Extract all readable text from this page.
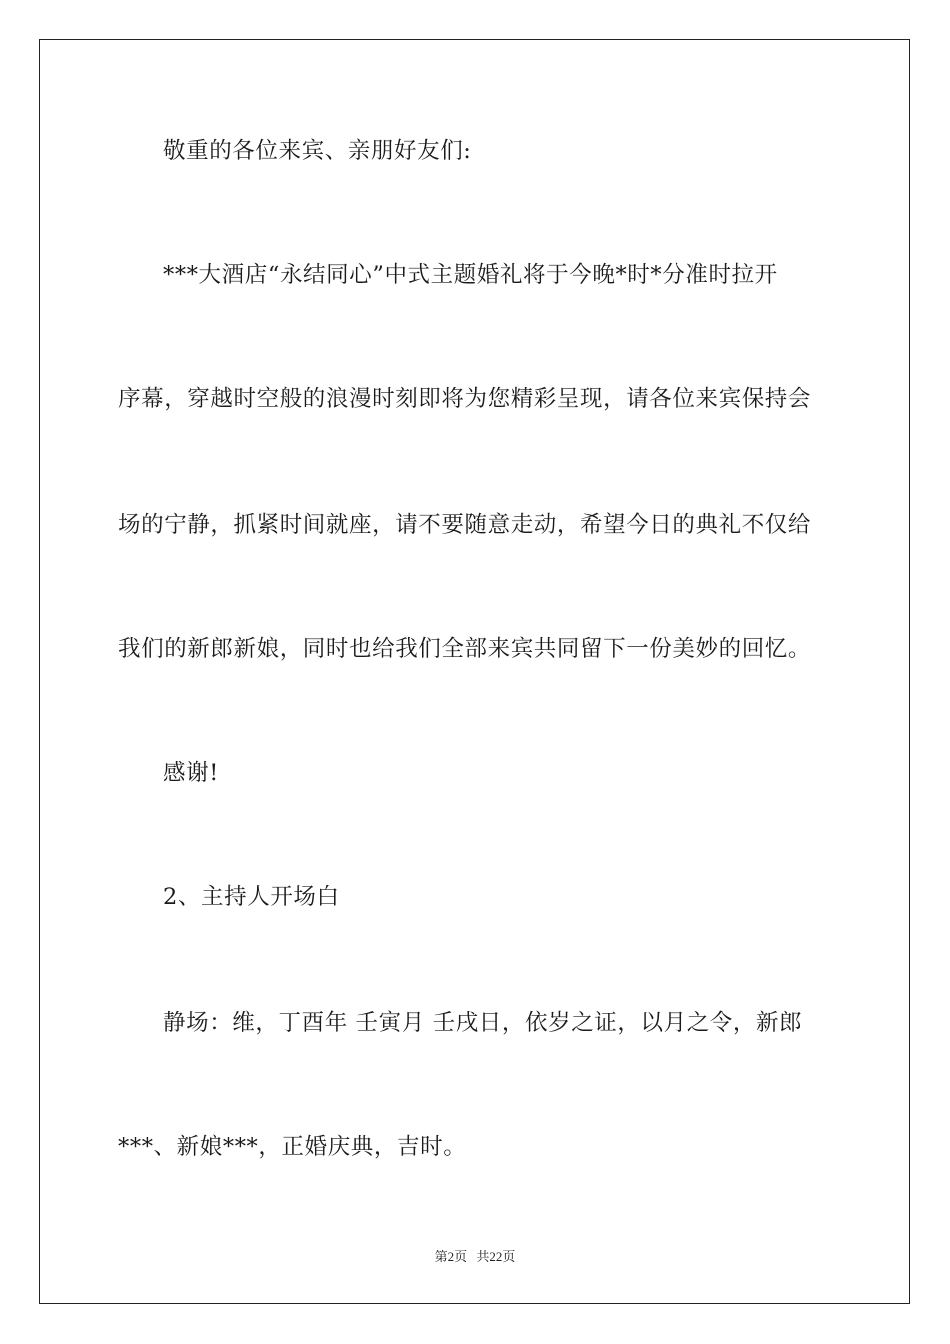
敬重的各位来宾、亲朋好友们:
***大酒店“永结同心”中式主题婚礼将于今晚*时*分准时拉开
序幕，穿越时空般的浪漫时刻即将为您精彩呈现，请各位来宾保持会
场的宁静，抓紧时间就座，请不要随意走动，希望今日的典礼不仅给
我们的新郎新娘，同时也给我们全部来宾共同留下一份美妙的回忆。
感谢!
2、主持人开场白
静场：维，丁酉年 壬寅月 壬戌日，依岁之证，以月之令，新郎
***、新娘***，正婚庆典，吉时。
第2页 共22页
